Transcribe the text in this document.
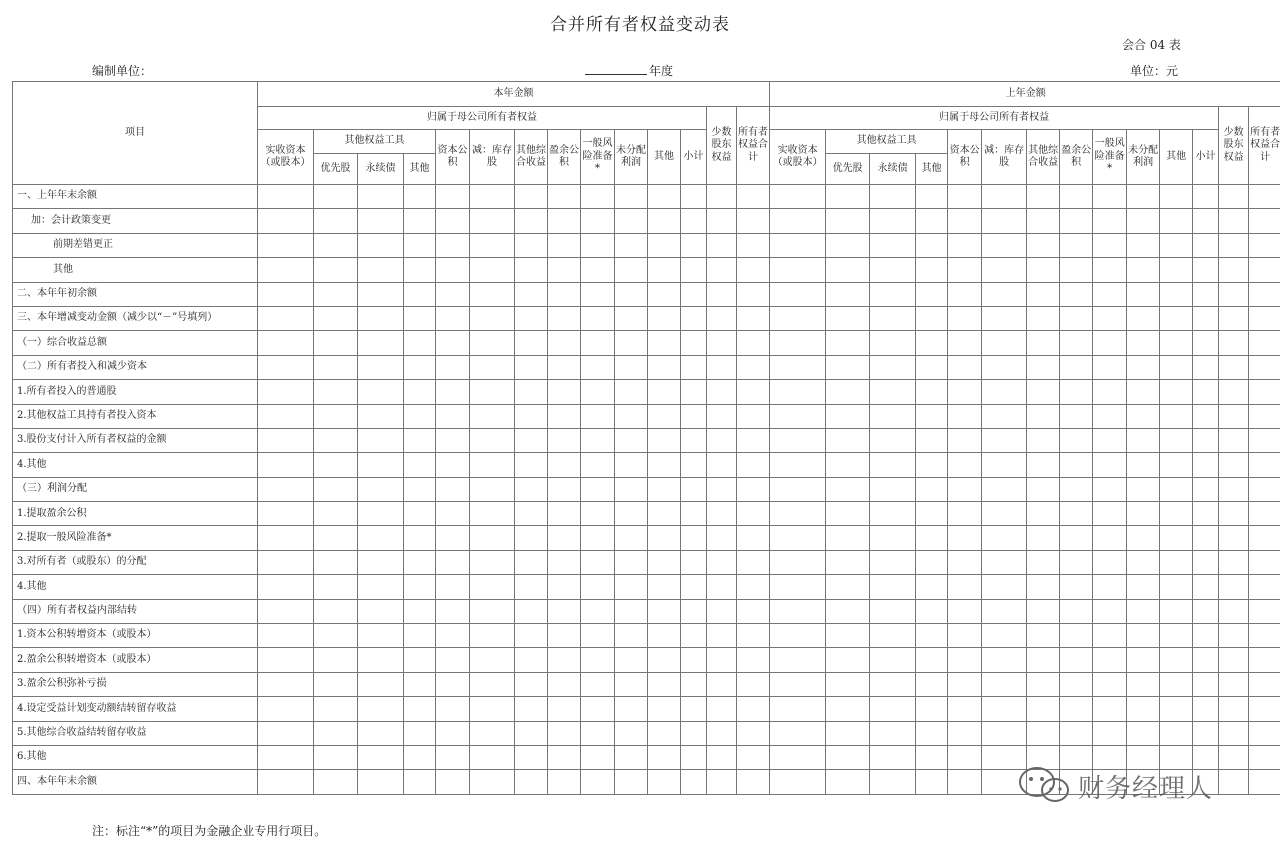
合并所有者权益变动表
会合 04 表
编制单位：	年度	单位：元
项目	本年金额														上年金额													
	归属于母公司所有者权益												少数股东权益	所有者权益合计	归属于母公司所有者权益												少数股东权益	所有者权益合计
	实收资本（或股本）	其他权益工具			资本公积	减：库存股	其他综合收益	盈余公积	一般风险准备*	未分配利润	其他	小计			实收资本（或股本）	其他权益工具			资本公积	减：库存股	其他综合收益	盈余公积	一般风险准备*	未分配利润	其他	小计		
		优先股	永续债	其他												优先股	永续债	其他										
一、上年年末余额																												
加：会计政策变更																												
前期差错更正																												
其他																												
二、本年年初余额																												
三、本年增减变动金额（减少以“－”号填列）																												
（一）综合收益总额																												
（二）所有者投入和减少资本																												
1.所有者投入的普通股																												
2.其他权益工具持有者投入资本																												
3.股份支付计入所有者权益的金额																												
4.其他																												
（三）利润分配																												
1.提取盈余公积																												
2.提取一般风险准备*																												
3.对所有者（或股东）的分配																												
4.其他																												
（四）所有者权益内部结转																												
1.资本公积转增资本（或股本）																												
2.盈余公积转增资本（或股本）																												
3.盈余公积弥补亏损																												
4.设定受益计划变动额结转留存收益																												
5.其他综合收益结转留存收益																												
6.其他																												
四、本年年末余额																												
注：标注“*”的项目为金融企业专用行项目。
财务经理人
